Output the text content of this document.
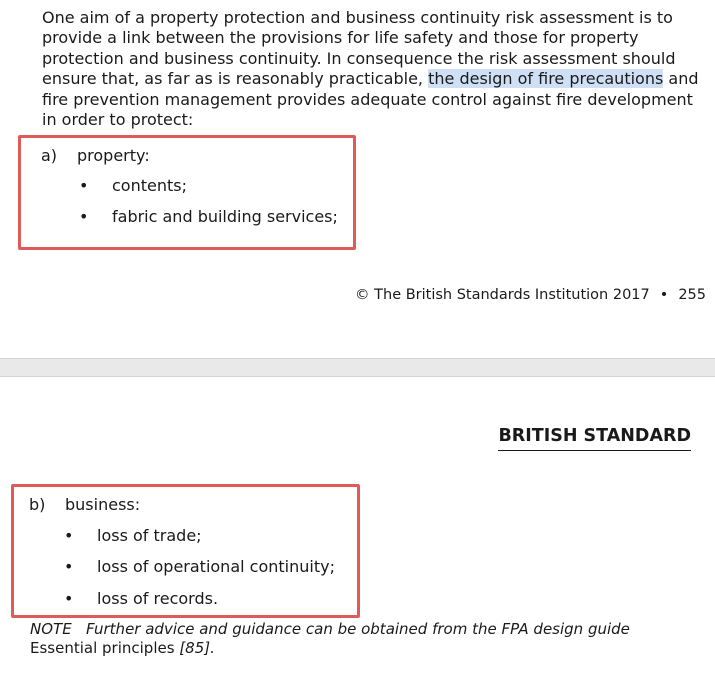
One aim of a property protection and business continuity risk assessment is to provide a link between the provisions for life safety and those for property protection and business continuity. In consequence the risk assessment should ensure that, as far as is reasonably practicable, the design of fire precautions and fire prevention management provides adequate control against fire development in order to protect:

a) property:
• contents;
• fabric and building services;
© The British Standards Institution 2017 • 255
BRITISH STANDARD
b) business:
• loss of trade;
• loss of operational continuity;
• loss of records.

NOTE Further advice and guidance can be obtained from the FPA design guide
Essential principles [85].
